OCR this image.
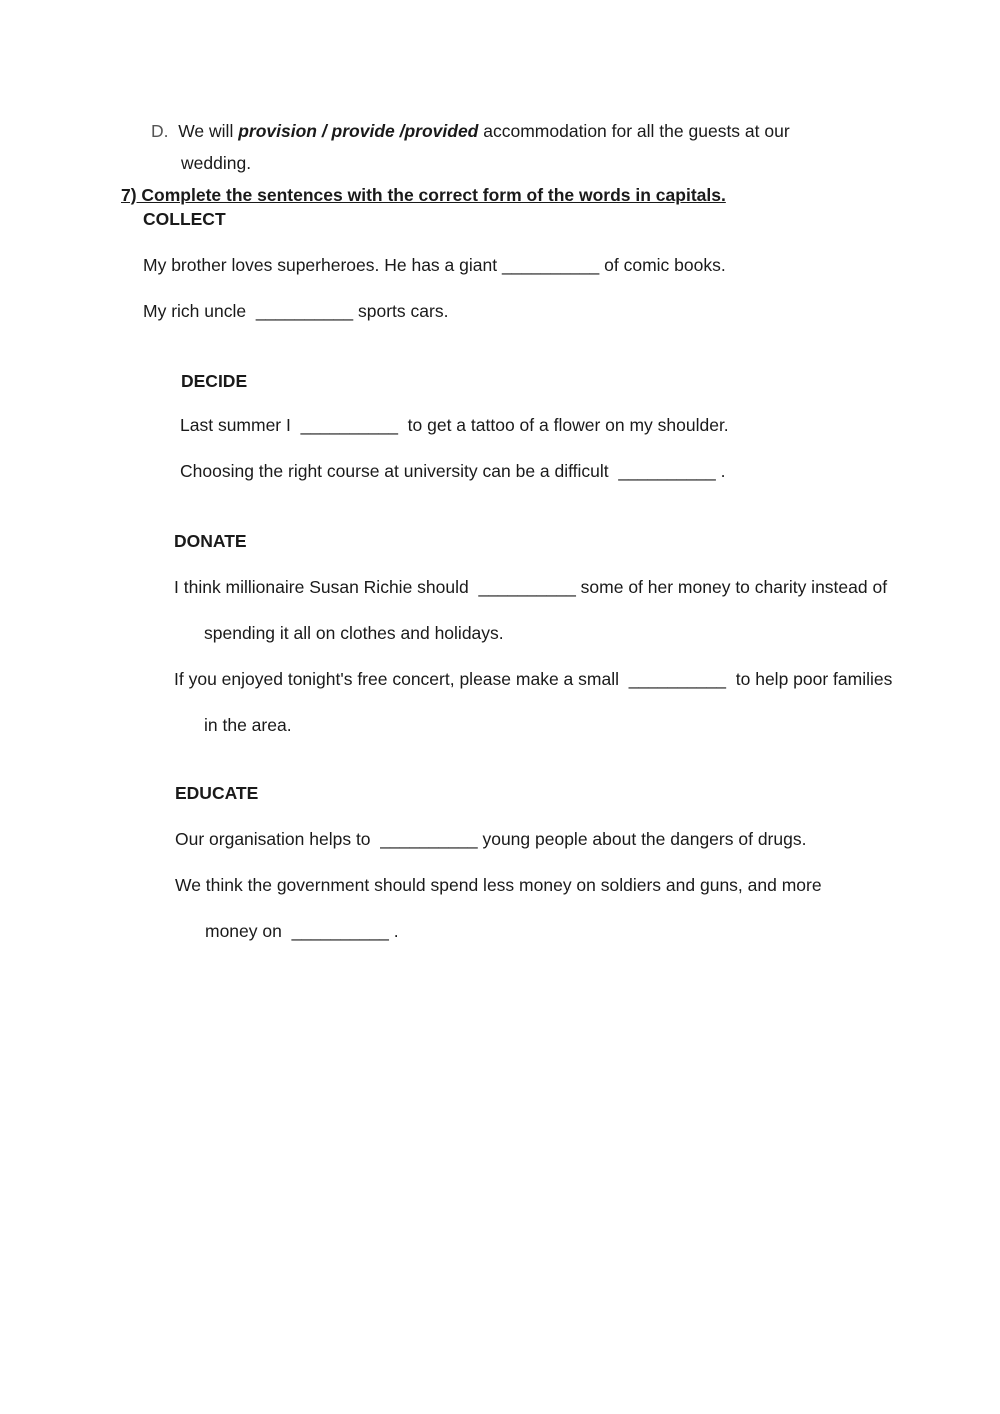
D. We will provision / provide /provided accommodation for all the guests at our
wedding.
7) Complete the sentences with the correct form of the words in capitals.
COLLECT
My brother loves superheroes. He has a giant __________ of comic books.
My rich uncle  __________ sports cars.
DECIDE
Last summer I  __________  to get a tattoo of a flower on my shoulder.
Choosing the right course at university can be a difficult  __________ .
DONATE
I think millionaire Susan Richie should  __________ some of her money to charity instead of
spending it all on clothes and holidays.
If you enjoyed tonight's free concert, please make a small  __________  to help poor families
in the area.
EDUCATE
Our organisation helps to  __________ young people about the dangers of drugs.
We think the government should spend less money on soldiers and guns, and more
money on  __________ .
